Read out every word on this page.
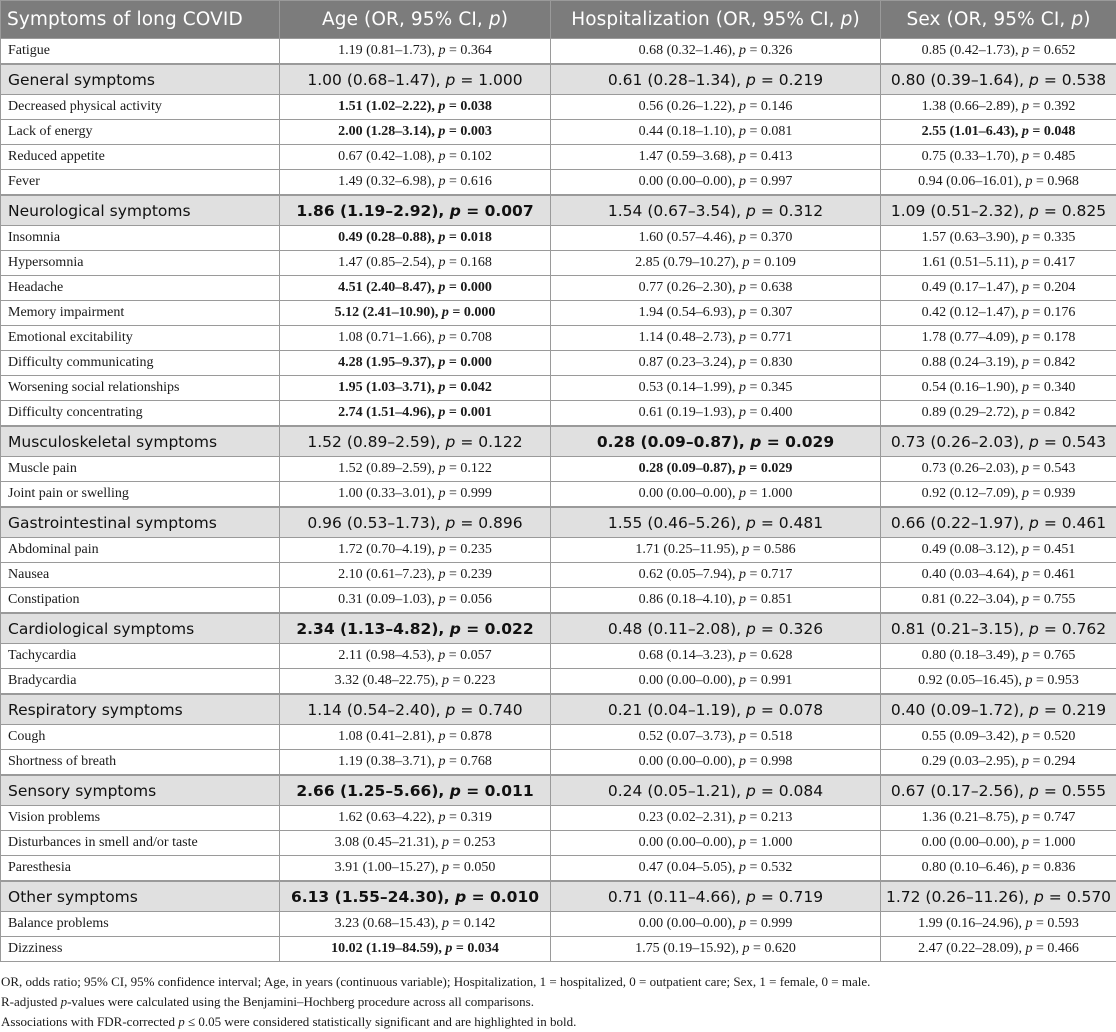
Symptoms of long COVID	Age (OR, 95% CI, p)	Hospitalization (OR, 95% CI, p)	Sex (OR, 95% CI, p)
Fatigue	1.19 (0.81–1.73), p = 0.364	0.68 (0.32–1.46), p = 0.326	0.85 (0.42–1.73), p = 0.652
General symptoms	1.00 (0.68–1.47), p = 1.000	0.61 (0.28–1.34), p = 0.219	0.80 (0.39–1.64), p = 0.538
Decreased physical activity	1.51 (1.02–2.22), p = 0.038	0.56 (0.26–1.22), p = 0.146	1.38 (0.66–2.89), p = 0.392
Lack of energy	2.00 (1.28–3.14), p = 0.003	0.44 (0.18–1.10), p = 0.081	2.55 (1.01–6.43), p = 0.048
Reduced appetite	0.67 (0.42–1.08), p = 0.102	1.47 (0.59–3.68), p = 0.413	0.75 (0.33–1.70), p = 0.485
Fever	1.49 (0.32–6.98), p = 0.616	0.00 (0.00–0.00), p = 0.997	0.94 (0.06–16.01), p = 0.968
Neurological symptoms	1.86 (1.19–2.92), p = 0.007	1.54 (0.67–3.54), p = 0.312	1.09 (0.51–2.32), p = 0.825
Insomnia	0.49 (0.28–0.88), p = 0.018	1.60 (0.57–4.46), p = 0.370	1.57 (0.63–3.90), p = 0.335
Hypersomnia	1.47 (0.85–2.54), p = 0.168	2.85 (0.79–10.27), p = 0.109	1.61 (0.51–5.11), p = 0.417
Headache	4.51 (2.40–8.47), p = 0.000	0.77 (0.26–2.30), p = 0.638	0.49 (0.17–1.47), p = 0.204
Memory impairment	5.12 (2.41–10.90), p = 0.000	1.94 (0.54–6.93), p = 0.307	0.42 (0.12–1.47), p = 0.176
Emotional excitability	1.08 (0.71–1.66), p = 0.708	1.14 (0.48–2.73), p = 0.771	1.78 (0.77–4.09), p = 0.178
Difficulty communicating	4.28 (1.95–9.37), p = 0.000	0.87 (0.23–3.24), p = 0.830	0.88 (0.24–3.19), p = 0.842
Worsening social relationships	1.95 (1.03–3.71), p = 0.042	0.53 (0.14–1.99), p = 0.345	0.54 (0.16–1.90), p = 0.340
Difficulty concentrating	2.74 (1.51–4.96), p = 0.001	0.61 (0.19–1.93), p = 0.400	0.89 (0.29–2.72), p = 0.842
Musculoskeletal symptoms	1.52 (0.89–2.59), p = 0.122	0.28 (0.09–0.87), p = 0.029	0.73 (0.26–2.03), p = 0.543
Muscle pain	1.52 (0.89–2.59), p = 0.122	0.28 (0.09–0.87), p = 0.029	0.73 (0.26–2.03), p = 0.543
Joint pain or swelling	1.00 (0.33–3.01), p = 0.999	0.00 (0.00–0.00), p = 1.000	0.92 (0.12–7.09), p = 0.939
Gastrointestinal symptoms	0.96 (0.53–1.73), p = 0.896	1.55 (0.46–5.26), p = 0.481	0.66 (0.22–1.97), p = 0.461
Abdominal pain	1.72 (0.70–4.19), p = 0.235	1.71 (0.25–11.95), p = 0.586	0.49 (0.08–3.12), p = 0.451
Nausea	2.10 (0.61–7.23), p = 0.239	0.62 (0.05–7.94), p = 0.717	0.40 (0.03–4.64), p = 0.461
Constipation	0.31 (0.09–1.03), p = 0.056	0.86 (0.18–4.10), p = 0.851	0.81 (0.22–3.04), p = 0.755
Cardiological symptoms	2.34 (1.13–4.82), p = 0.022	0.48 (0.11–2.08), p = 0.326	0.81 (0.21–3.15), p = 0.762
Tachycardia	2.11 (0.98–4.53), p = 0.057	0.68 (0.14–3.23), p = 0.628	0.80 (0.18–3.49), p = 0.765
Bradycardia	3.32 (0.48–22.75), p = 0.223	0.00 (0.00–0.00), p = 0.991	0.92 (0.05–16.45), p = 0.953
Respiratory symptoms	1.14 (0.54–2.40), p = 0.740	0.21 (0.04–1.19), p = 0.078	0.40 (0.09–1.72), p = 0.219
Cough	1.08 (0.41–2.81), p = 0.878	0.52 (0.07–3.73), p = 0.518	0.55 (0.09–3.42), p = 0.520
Shortness of breath	1.19 (0.38–3.71), p = 0.768	0.00 (0.00–0.00), p = 0.998	0.29 (0.03–2.95), p = 0.294
Sensory symptoms	2.66 (1.25–5.66), p = 0.011	0.24 (0.05–1.21), p = 0.084	0.67 (0.17–2.56), p = 0.555
Vision problems	1.62 (0.63–4.22), p = 0.319	0.23 (0.02–2.31), p = 0.213	1.36 (0.21–8.75), p = 0.747
Disturbances in smell and/or taste	3.08 (0.45–21.31), p = 0.253	0.00 (0.00–0.00), p = 1.000	0.00 (0.00–0.00), p = 1.000
Paresthesia	3.91 (1.00–15.27), p = 0.050	0.47 (0.04–5.05), p = 0.532	0.80 (0.10–6.46), p = 0.836
Other symptoms	6.13 (1.55–24.30), p = 0.010	0.71 (0.11–4.66), p = 0.719	1.72 (0.26–11.26), p = 0.570
Balance problems	3.23 (0.68–15.43), p = 0.142	0.00 (0.00–0.00), p = 0.999	1.99 (0.16–24.96), p = 0.593
Dizziness	10.02 (1.19–84.59), p = 0.034	1.75 (0.19–15.92), p = 0.620	2.47 (0.22–28.09), p = 0.466
OR, odds ratio; 95% CI, 95% confidence interval; Age, in years (continuous variable); Hospitalization, 1 = hospitalized, 0 = outpatient care; Sex, 1 = female, 0 = male.
R-adjusted p-values were calculated using the Benjamini–Hochberg procedure across all comparisons.
Associations with FDR-corrected p ≤ 0.05 were considered statistically significant and are highlighted in bold.
